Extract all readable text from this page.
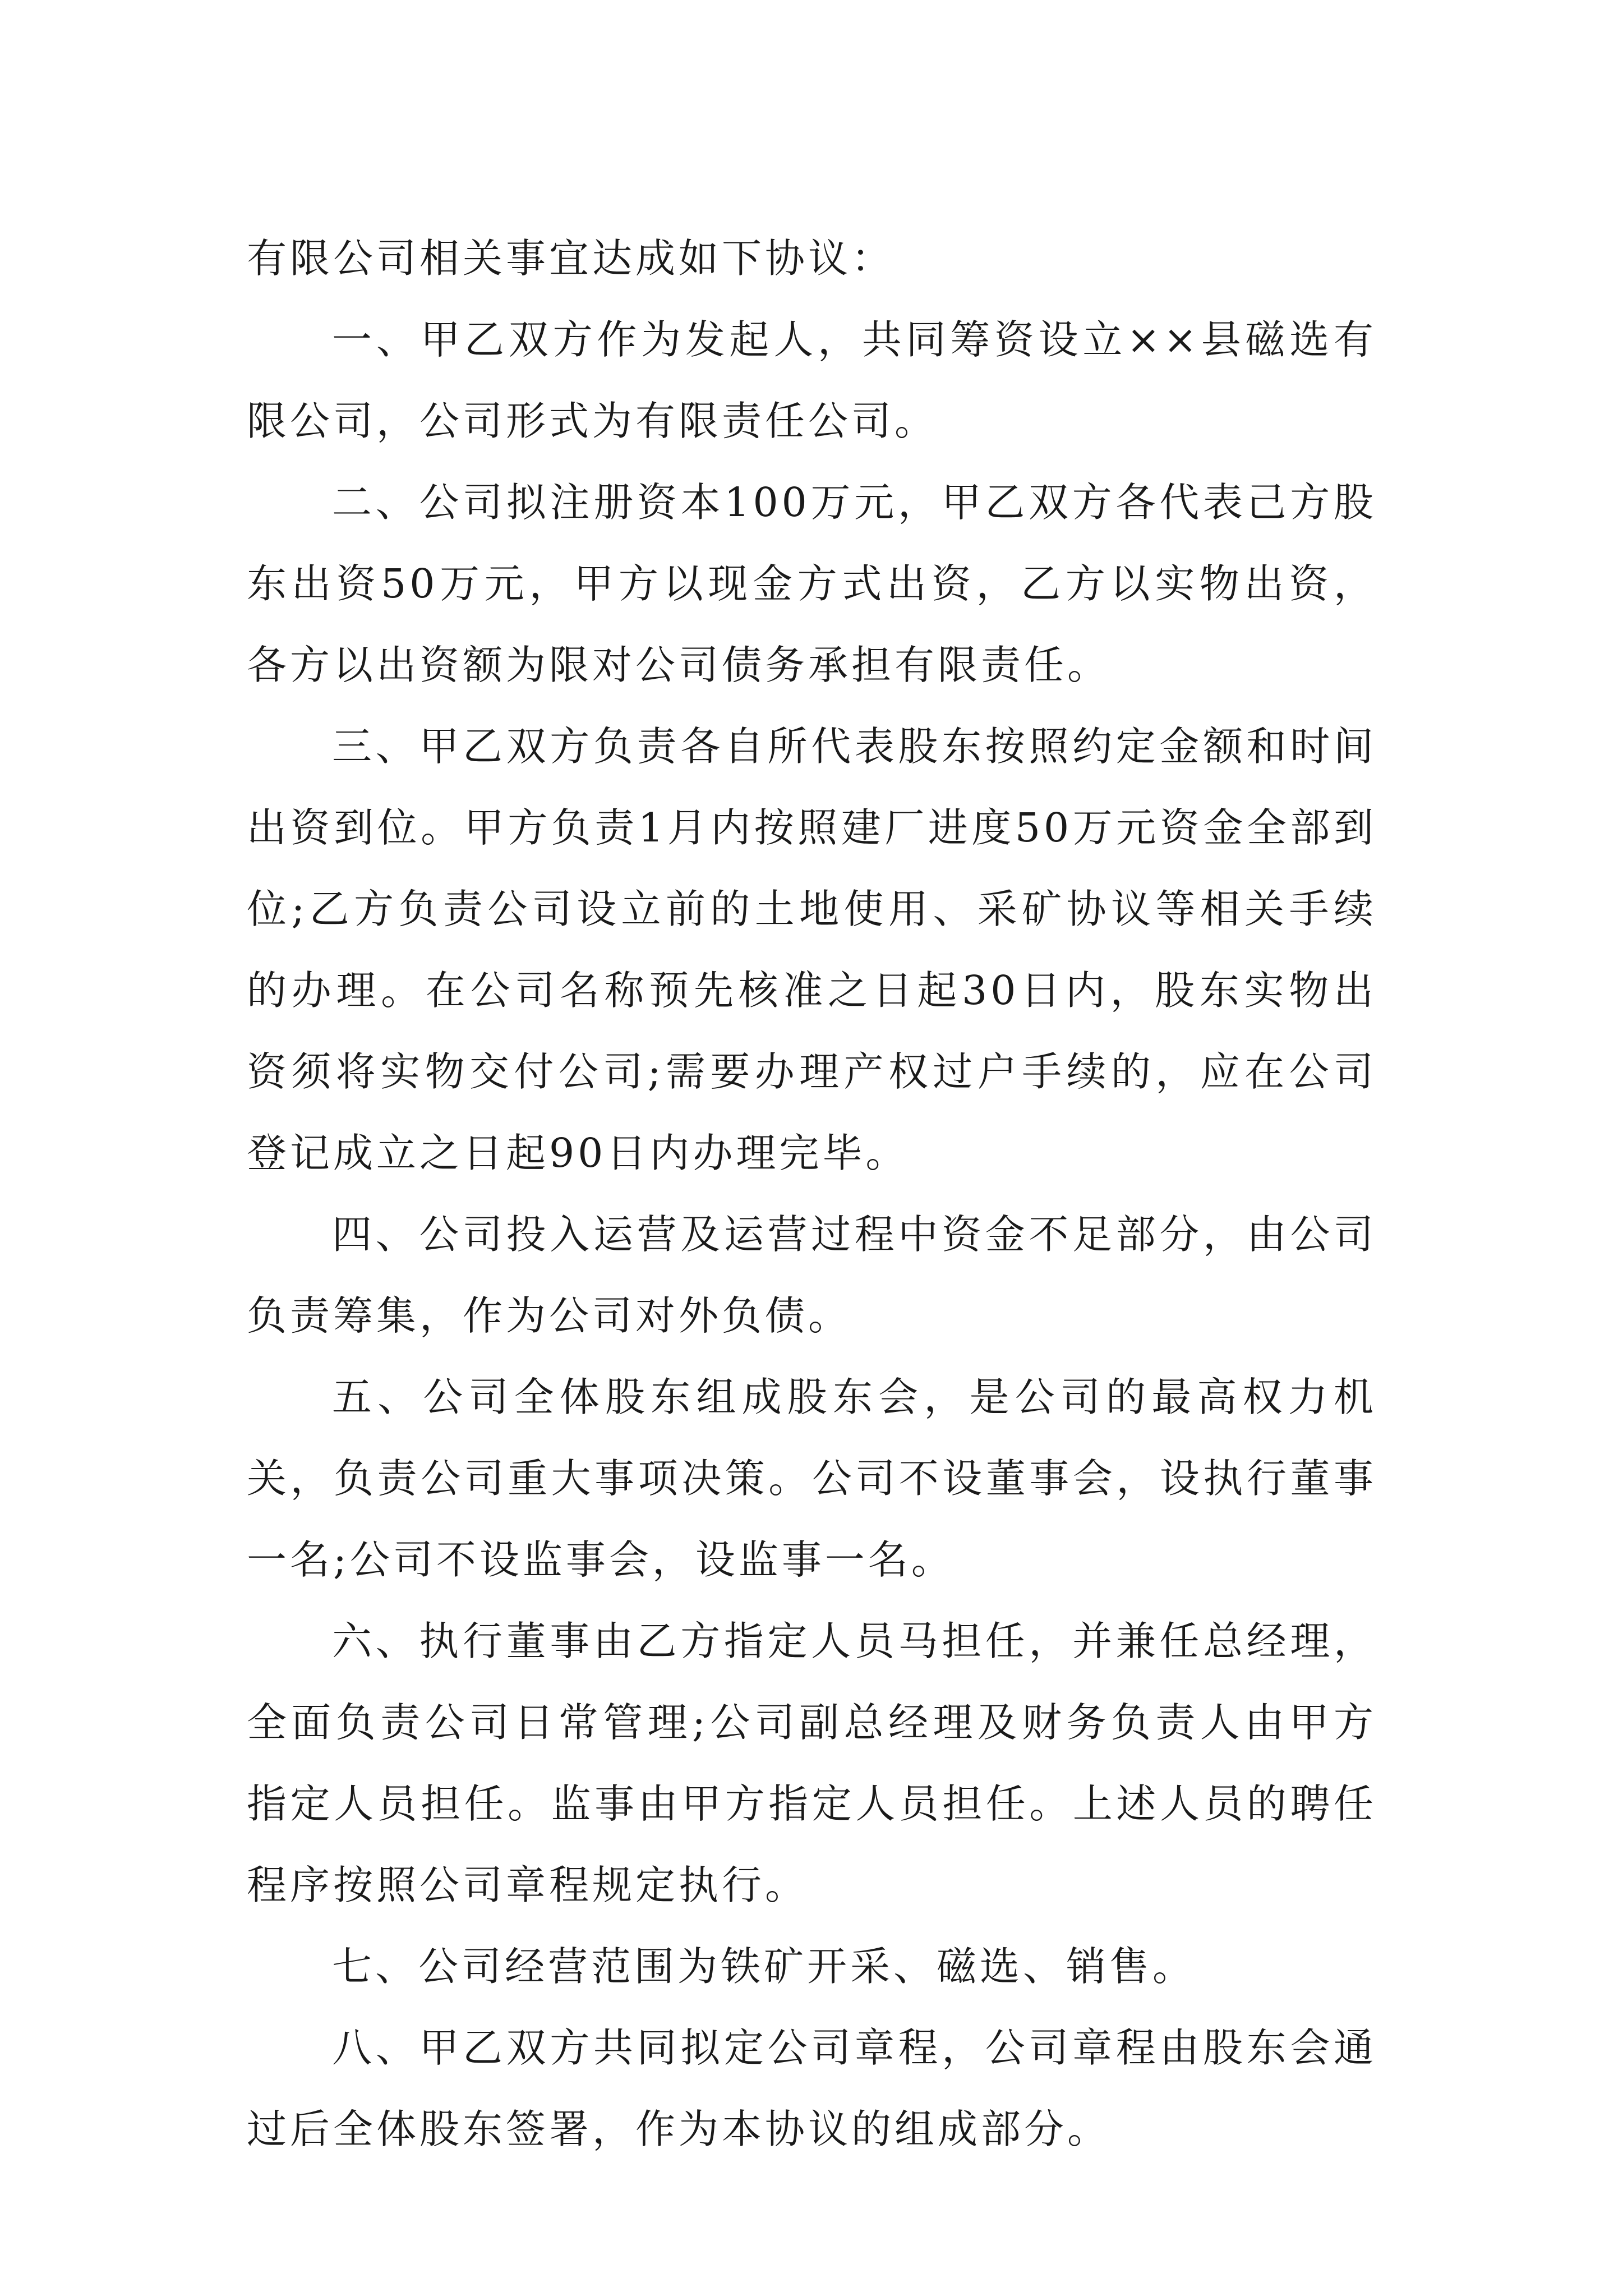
有限公司相关事宜达成如下协议：

一、甲乙双方作为发起人，共同筹资设立××县磁选有限公司，公司形式为有限责任公司。

二、公司拟注册资本100万元，甲乙双方各代表己方股东出资50万元，甲方以现金方式出资，乙方以实物出资，各方以出资额为限对公司债务承担有限责任。

三、甲乙双方负责各自所代表股东按照约定金额和时间出资到位。甲方负责1月内按照建厂进度50万元资金全部到位;乙方负责公司设立前的土地使用、采矿协议等相关手续的办理。在公司名称预先核准之日起30日内，股东实物出资须将实物交付公司;需要办理产权过户手续的，应在公司登记成立之日起90日内办理完毕。

四、公司投入运营及运营过程中资金不足部分，由公司负责筹集，作为公司对外负债。

五、公司全体股东组成股东会，是公司的最高权力机关，负责公司重大事项决策。公司不设董事会，设执行董事一名;公司不设监事会，设监事一名。

六、执行董事由乙方指定人员马担任，并兼任总经理，全面负责公司日常管理;公司副总经理及财务负责人由甲方指定人员担任。监事由甲方指定人员担任。上述人员的聘任程序按照公司章程规定执行。

七、公司经营范围为铁矿开采、磁选、销售。

八、甲乙双方共同拟定公司章程，公司章程由股东会通过后全体股东签署，作为本协议的组成部分。
